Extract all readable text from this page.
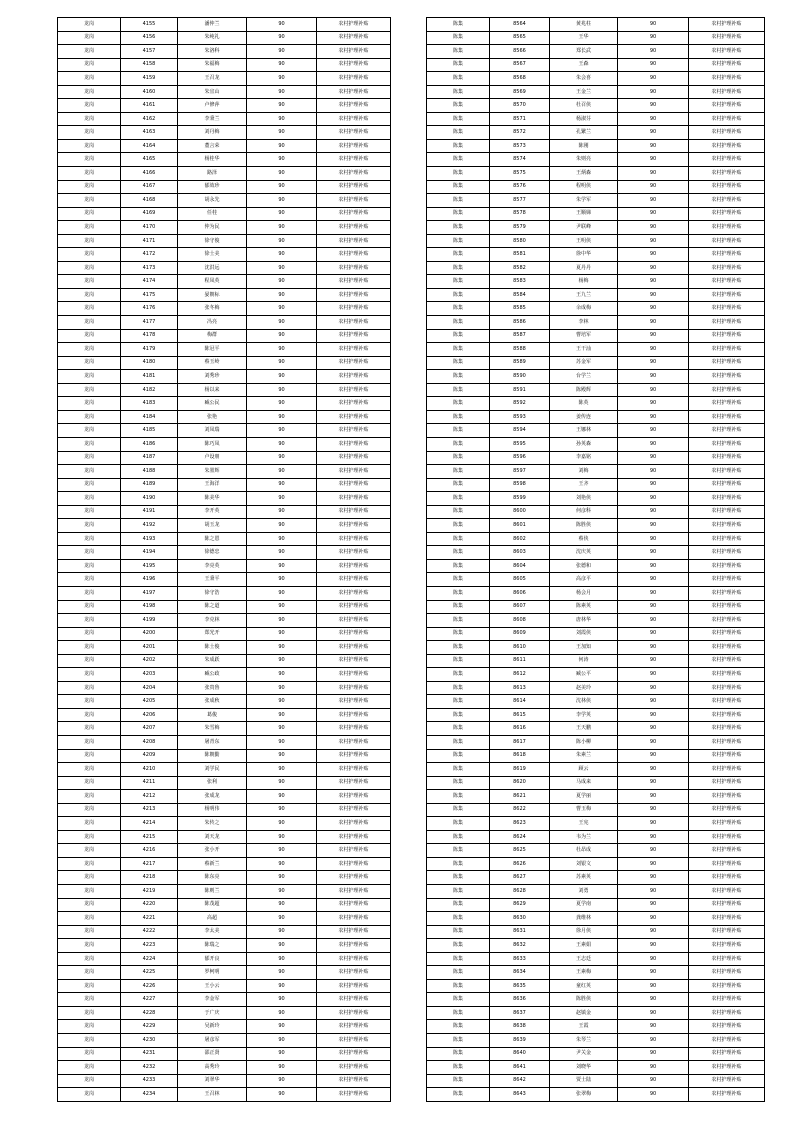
龙岗	4155	潘仲兰	90	农村护理补贴
龙岗	4156	朱纯礼	90	农村护理补贴
龙岗	4157	朱洛科	90	农村护理补贴
龙岗	4158	朱福梅	90	农村护理补贴
龙岗	4159	王召龙	90	农村护理补贴
龙岗	4160	朱宜山	90	农村护理补贴
龙岗	4161	卢修萍	90	农村护理补贴
龙岗	4162	李秉兰	90	农村护理补贴
龙岗	4163	刘丹梅	90	农村护理补贴
龙岗	4164	董言荣	90	农村护理补贴
龙岗	4165	杨桂华	90	农村护理补贴
龙岗	4166	路泽	90	农村护理补贴
龙岗	4167	郁效珍	90	农村护理补贴
龙岗	4168	胡永先	90	农村护理补贴
龙岗	4169	任桂	90	农村护理补贴
龙岗	4170	仲为民	90	农村护理补贴
龙岗	4171	徐守俊	90	农村护理补贴
龙岗	4172	徐士美	90	农村护理补贴
龙岗	4173	沈洪远	90	农村护理补贴
龙岗	4174	程凤英	90	农村护理补贴
龙岗	4175	晏朝标	90	农村护理补贴
龙岗	4176	张冬梅	90	农村护理补贴
龙岗	4177	冯亮	90	农村护理补贴
龙岗	4178	梅群	90	农村护理补贴
龙岗	4179	陈冠平	90	农村护理补贴
龙岗	4180	蔡玉岭	90	农村护理补贴
龙岗	4181	刘秀珍	90	农村护理补贴
龙岗	4182	杨以来	90	农村护理补贴
龙岗	4183	臧公民	90	农村护理补贴
龙岗	4184	张艳	90	农村护理补贴
龙岗	4185	刘凤瑞	90	农村护理补贴
龙岗	4186	陈巧凤	90	农村护理补贴
龙岗	4187	卢设朋	90	农村护理补贴
龙岗	4188	朱墨辉	90	农村护理补贴
龙岗	4189	王海洋	90	农村护理补贴
龙岗	4190	陈美华	90	农村护理补贴
龙岗	4191	李开英	90	农村护理补贴
龙岗	4192	胡玉龙	90	农村护理补贴
龙岗	4193	陈之恩	90	农村护理补贴
龙岗	4194	徐德忠	90	农村护理补贴
龙岗	4195	李亮英	90	农村护理补贴
龙岗	4196	王秉平	90	农村护理补贴
龙岗	4197	徐守浩	90	农村护理补贴
龙岗	4198	陈之道	90	农村护理补贴
龙岗	4199	李克林	90	农村护理补贴
龙岗	4200	郑光开	90	农村护理补贴
龙岗	4201	陈士俊	90	农村护理补贴
龙岗	4202	朱成跃	90	农村护理补贴
龙岗	4203	臧公政	90	农村护理补贴
龙岗	4204	张贵鲁	90	农村护理补贴
龙岗	4205	张成秋	90	农村护理补贴
龙岗	4206	葛俊	90	农村护理补贴
龙岗	4207	朱雪梅	90	农村护理补贴
龙岗	4208	屠青东	90	农村护理补贴
龙岗	4209	陈朝勤	90	农村护理补贴
龙岗	4210	刘学民	90	农村护理补贴
龙岗	4211	张利	90	农村护理补贴
龙岗	4212	张成龙	90	农村护理补贴
龙岗	4213	杨明伟	90	农村护理补贴
龙岗	4214	朱传之	90	农村护理补贴
龙岗	4215	刘天龙	90	农村护理补贴
龙岗	4216	张小开	90	农村护理补贴
龙岗	4217	蔡新兰	90	农村护理补贴
龙岗	4218	陈东亮	90	农村护理补贴
龙岗	4219	陈则兰	90	农村护理补贴
龙岗	4220	陈茂超	90	农村护理补贴
龙岗	4221	高超	90	农村护理补贴
龙岗	4222	李太美	90	农村护理补贴
龙岗	4223	陈瑞之	90	农村护理补贴
龙岗	4224	郁开良	90	农村护理补贴
龙岗	4225	罗柯明	90	农村护理补贴
龙岗	4226	王小云	90	农村护理补贴
龙岗	4227	李金军	90	农村护理补贴
龙岗	4228	于广庆	90	农村护理补贴
龙岗	4229	吴新玲	90	农村护理补贴
龙岗	4230	屠彦军	90	农村护理补贴
龙岗	4231	邵正贤	90	农村护理补贴
龙岗	4232	高秀玲	90	农村护理补贴
龙岗	4233	刘翠华	90	农村护理补贴
龙岗	4234	王召林	90	农村护理补贴
陈集	8564	黄兆柱	90	农村护理补贴
陈集	8565	王华	90	农村护理补贴
陈集	8566	郑长武	90	农村护理补贴
陈集	8567	王森	90	农村护理补贴
陈集	8568	朱会喜	90	农村护理补贴
陈集	8569	王金兰	90	农村护理补贴
陈集	8570	杜召侠	90	农村护理补贴
陈集	8571	杨淑芬	90	农村护理补贴
陈集	8572	孔繁兰	90	农村护理补贴
陈集	8573	陈刚	90	农村护理补贴
陈集	8574	朱则亮	90	农村护理补贴
陈集	8575	王炳森	90	农村护理补贴
陈集	8576	程明侠	90	农村护理补贴
陈集	8577	朱学军	90	农村护理补贴
陈集	8578	王顺娣	90	农村护理补贴
陈集	8579	尹联峰	90	农村护理补贴
陈集	8580	王明侠	90	农村护理补贴
陈集	8581	徐中华	90	农村护理补贴
陈集	8582	夏丹丹	90	农村护理补贴
陈集	8583	杨梅	90	农村护理补贴
陈集	8584	王九兰	90	农村护理补贴
陈集	8585	余成梅	90	农村护理补贴
陈集	8586	李林	90	农村护理补贴
陈集	8587	曹培军	90	农村护理补贴
陈集	8588	王干汕	90	农村护理补贴
陈集	8589	苏金军	90	农村护理补贴
陈集	8590	台学兰	90	农村护理补贴
陈集	8591	陈殿辉	90	农村护理补贴
陈集	8592	陈英	90	农村护理补贴
陈集	8593	姜传连	90	农村护理补贴
陈集	8594	王娜林	90	农村护理补贴
陈集	8595	孙英森	90	农村护理补贴
陈集	8596	李嘉铭	90	农村护理补贴
陈集	8597	刘梅	90	农村护理补贴
陈集	8598	王齐	90	农村护理补贴
陈集	8599	刘艳侠	90	农村护理补贴
陈集	8600	何彦科	90	农村护理补贴
陈集	8601	陈胜侠	90	农村护理补贴
陈集	8602	蔡侠	90	农村护理补贴
陈集	8603	沈庆英	90	农村护理补贴
陈集	8604	张德和	90	农村护理补贴
陈集	8605	高彦平	90	农村护理补贴
陈集	8606	杨会月	90	农村护理补贴
陈集	8607	陈素英	90	农村护理补贴
陈集	8608	唐林华	90	农村护理补贴
陈集	8609	刘霞侠	90	农村护理补贴
陈集	8610	王加知	90	农村护理补贴
陈集	8611	何涛	90	农村护理补贴
陈集	8612	臧公平	90	农村护理补贴
陈集	8613	赵美玲	90	农村护理补贴
陈集	8614	沈林侠	90	农村护理补贴
陈集	8615	李学英	90	农村护理补贴
陈集	8616	王天鹏	90	农村护理补贴
陈集	8617	陈小柳	90	农村护理补贴
陈集	8618	朱素兰	90	农村护理补贴
陈集	8619	顾云	90	农村护理补贴
陈集	8620	马成来	90	农村护理补贴
陈集	8621	夏学丽	90	农村护理补贴
陈集	8622	曹玉梅	90	农村护理补贴
陈集	8623	王宪	90	农村护理补贴
陈集	8624	韦为兰	90	农村护理补贴
陈集	8625	杜昂成	90	农村护理补贴
陈集	8626	刘银文	90	农村护理补贴
陈集	8627	苏素英	90	农村护理补贴
陈集	8628	刘勇	90	农村护理补贴
陈集	8629	夏学南	90	农村护理补贴
陈集	8630	龚维林	90	农村护理补贴
陈集	8631	徐月侠	90	农村护理补贴
陈集	8632	王素娟	90	农村护理补贴
陈集	8633	王志廷	90	农村护理补贴
陈集	8634	王素梅	90	农村护理补贴
陈集	8635	童红英	90	农村护理补贴
陈集	8636	陈胜侠	90	农村护理补贴
陈集	8637	赵镇金	90	农村护理补贴
陈集	8638	王霞	90	农村护理补贴
陈集	8639	朱琴兰	90	农村护理补贴
陈集	8640	尹关金	90	农村护理补贴
陈集	8641	刘晓华	90	农村护理补贴
陈集	8642	贾士陆	90	农村护理补贴
陈集	8643	张翠梅	90	农村护理补贴
